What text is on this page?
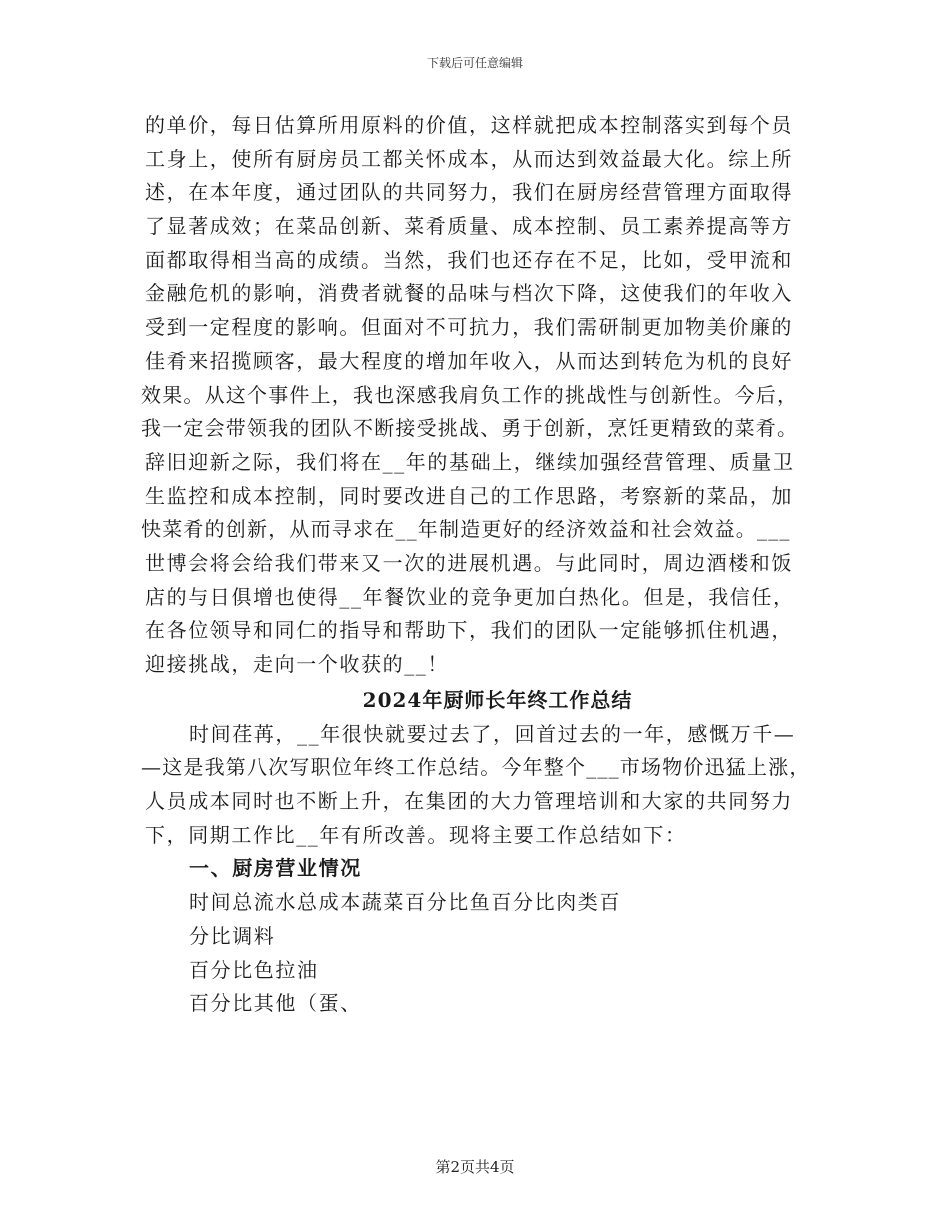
下载后可任意编辑
的单价，每日估算所用原料的价值，这样就把成本控制落实到每个员
工身上，使所有厨房员工都关怀成本，从而达到效益最大化。综上所
述，在本年度，通过团队的共同努力，我们在厨房经营管理方面取得
了显著成效；在菜品创新、菜肴质量、成本控制、员工素养提高等方
面都取得相当高的成绩。当然，我们也还存在不足，比如，受甲流和
金融危机的影响，消费者就餐的品味与档次下降，这使我们的年收入
受到一定程度的影响。但面对不可抗力，我们需研制更加物美价廉的
佳肴来招揽顾客，最大程度的增加年收入，从而达到转危为机的良好
效果。从这个事件上，我也深感我肩负工作的挑战性与创新性。今后，
我一定会带领我的团队不断接受挑战、勇于创新，烹饪更精致的菜肴。
辞旧迎新之际，我们将在__年的基础上，继续加强经营管理、质量卫
生监控和成本控制，同时要改进自己的工作思路，考察新的菜品，加
快菜肴的创新，从而寻求在__年制造更好的经济效益和社会效益。___
世博会将会给我们带来又一次的进展机遇。与此同时，周边酒楼和饭
店的与日俱增也使得__年餐饮业的竞争更加白热化。但是，我信任，
在各位领导和同仁的指导和帮助下，我们的团队一定能够抓住机遇，
迎接挑战，走向一个收获的__！
2024年厨师长年终工作总结
时间荏苒，__年很快就要过去了，回首过去的一年，感慨万千—
—这是我第八次写职位年终工作总结。今年整个___市场物价迅猛上涨，
人员成本同时也不断上升，在集团的大力管理培训和大家的共同努力
下，同期工作比__年有所改善。现将主要工作总结如下：
一、厨房营业情况
时间总流水总成本蔬菜百分比鱼百分比肉类百
分比调料
百分比色拉油
百分比其他（蛋、
第2页共4页
